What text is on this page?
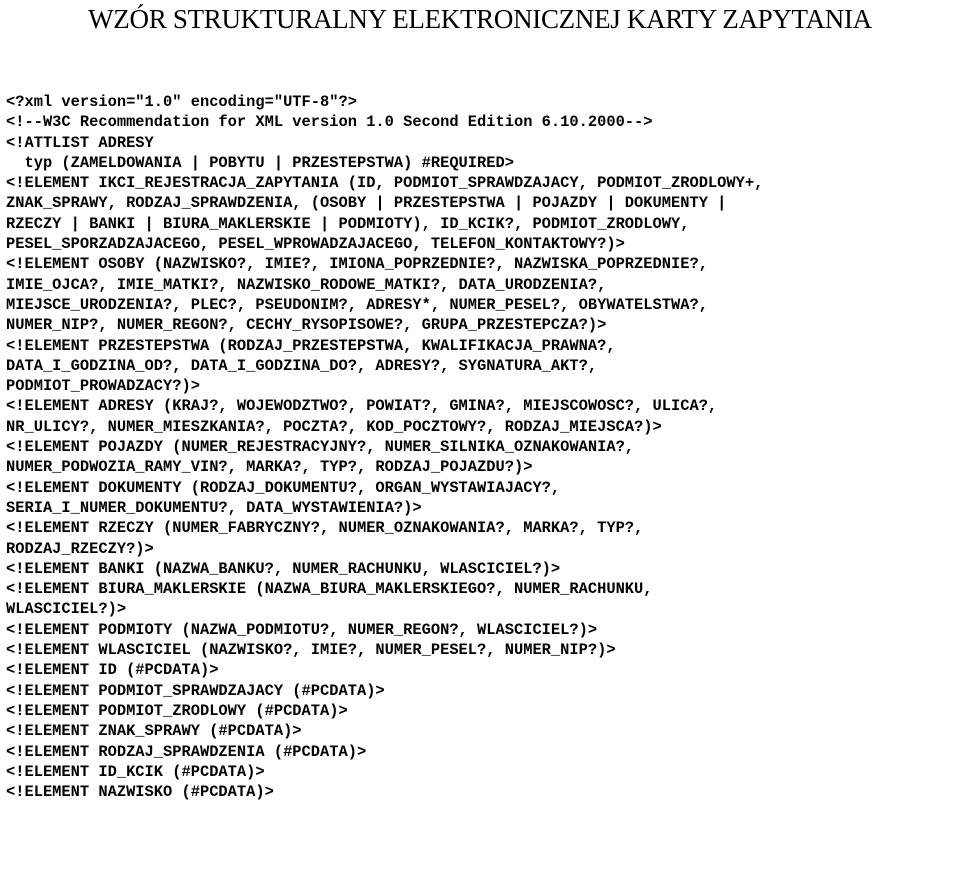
WZÓR STRUKTURALNY ELEKTRONICZNEJ KARTY ZAPYTANIA
<?xml version="1.0" encoding="UTF-8"?>
<!--W3C Recommendation for XML version 1.0 Second Edition 6.10.2000-->
<!ATTLIST ADRESY
typ (ZAMELDOWANIA | POBYTU | PRZESTEPSTWA) #REQUIRED>
<!ELEMENT IKCI_REJESTRACJA_ZAPYTANIA (ID, PODMIOT_SPRAWDZAJACY, PODMIOT_ZRODLOWY+,
ZNAK_SPRAWY, RODZAJ_SPRAWDZENIA, (OSOBY | PRZESTEPSTWA | POJAZDY | DOKUMENTY |
RZECZY | BANKI | BIURA_MAKLERSKIE | PODMIOTY), ID_KCIK?, PODMIOT_ZRODLOWY,
PESEL_SPORZADZAJACEGO, PESEL_WPROWADZAJACEGO, TELEFON_KONTAKTOWY?)>
<!ELEMENT OSOBY (NAZWISKO?, IMIE?, IMIONA_POPRZEDNIE?, NAZWISKA_POPRZEDNIE?,
IMIE_OJCA?, IMIE_MATKI?, NAZWISKO_RODOWE_MATKI?, DATA_URODZENIA?,
MIEJSCE_URODZENIA?, PLEC?, PSEUDONIM?, ADRESY*, NUMER_PESEL?, OBYWATELSTWA?,
NUMER_NIP?, NUMER_REGON?, CECHY_RYSOPISOWE?, GRUPA_PRZESTEPCZA?)>
<!ELEMENT PRZESTEPSTWA (RODZAJ_PRZESTEPSTWA, KWALIFIKACJA_PRAWNA?,
DATA_I_GODZINA_OD?, DATA_I_GODZINA_DO?, ADRESY?, SYGNATURA_AKT?,
PODMIOT_PROWADZACY?)>
<!ELEMENT ADRESY (KRAJ?, WOJEWODZTWO?, POWIAT?, GMINA?, MIEJSCOWOSC?, ULICA?,
NR_ULICY?, NUMER_MIESZKANIA?, POCZTA?, KOD_POCZTOWY?, RODZAJ_MIEJSCA?)>
<!ELEMENT POJAZDY (NUMER_REJESTRACYJNY?, NUMER_SILNIKA_OZNAKOWANIA?,
NUMER_PODWOZIA_RAMY_VIN?, MARKA?, TYP?, RODZAJ_POJAZDU?)>
<!ELEMENT DOKUMENTY (RODZAJ_DOKUMENTU?, ORGAN_WYSTAWIAJACY?,
SERIA_I_NUMER_DOKUMENTU?, DATA_WYSTAWIENIA?)>
<!ELEMENT RZECZY (NUMER_FABRYCZNY?, NUMER_OZNAKOWANIA?, MARKA?, TYP?,
RODZAJ_RZECZY?)>
<!ELEMENT BANKI (NAZWA_BANKU?, NUMER_RACHUNKU, WLASCICIEL?)>
<!ELEMENT BIURA_MAKLERSKIE (NAZWA_BIURA_MAKLERSKIEGO?, NUMER_RACHUNKU,
WLASCICIEL?)>
<!ELEMENT PODMIOTY (NAZWA_PODMIOTU?, NUMER_REGON?, WLASCICIEL?)>
<!ELEMENT WLASCICIEL (NAZWISKO?, IMIE?, NUMER_PESEL?, NUMER_NIP?)>
<!ELEMENT ID (#PCDATA)>
<!ELEMENT PODMIOT_SPRAWDZAJACY (#PCDATA)>
<!ELEMENT PODMIOT_ZRODLOWY (#PCDATA)>
<!ELEMENT ZNAK_SPRAWY (#PCDATA)>
<!ELEMENT RODZAJ_SPRAWDZENIA (#PCDATA)>
<!ELEMENT ID_KCIK (#PCDATA)>
<!ELEMENT NAZWISKO (#PCDATA)>
